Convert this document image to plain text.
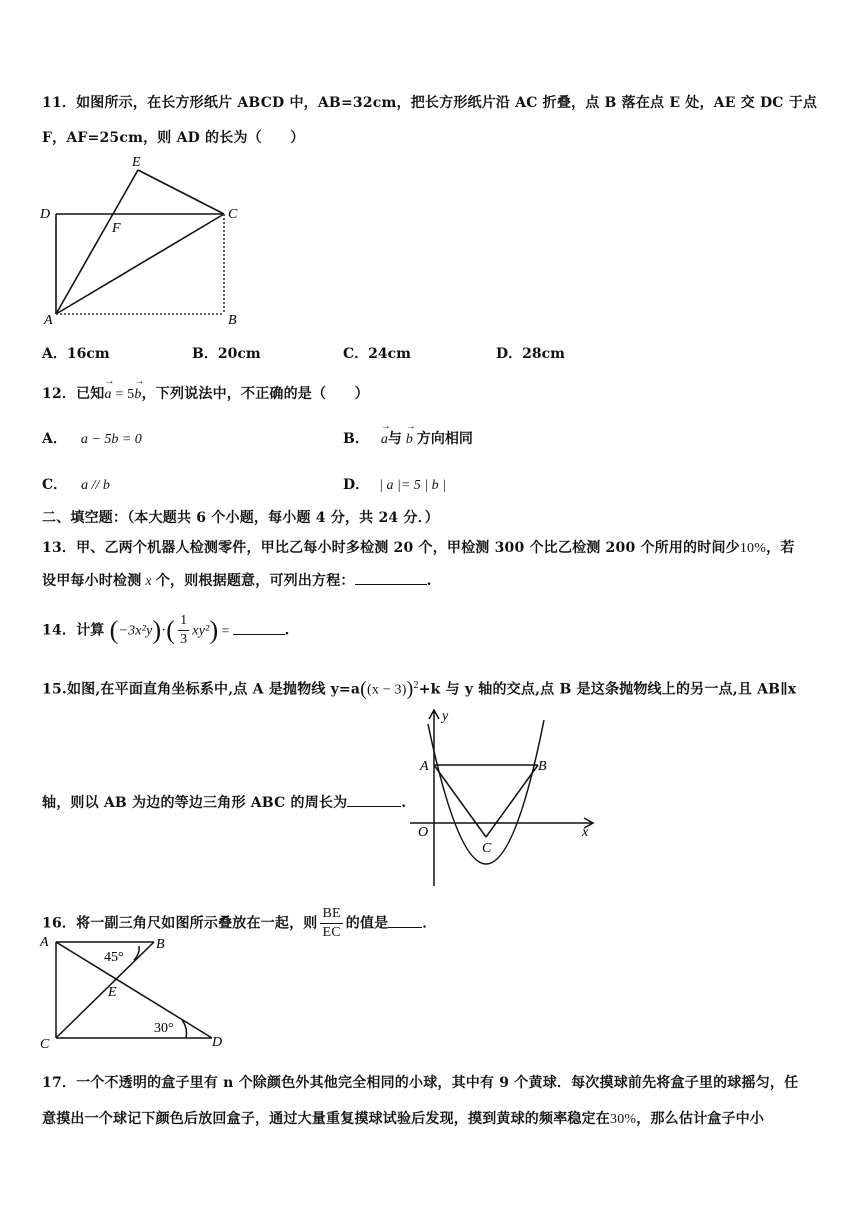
11．如图所示，在长方形纸片 ABCD 中，AB=32cm，把长方形纸片沿 AC 折叠，点 B 落在点 E 处，AE 交 DC 于点
F，AF=25cm，则 AD 的长为（　　）
E
D	C
F
A	B
A．16cm	B．20cm	C．24cm	D．28cm
12．已知→ a = 5→ b，下列说法中，不正确的是（　　）
A． a − 5b = 0	B． → a与 → b 方向相同
C． a // b	D． | a |= 5 | b |
二、填空题：（本大题共 6 个小题，每小题 4 分，共 24 分．）
13．甲、乙两个机器人检测零件，甲比乙每小时多检测 20 个，甲检测 300 个比乙检测 200 个所用的时间少10%，若
设甲每小时检测 x 个，则根据题意，可列出方程：	.
14．计算 $(-3x^2y)\cdot( \frac{1}{3} xy^2)$ =	.
15.如图,在平面直角坐标系中,点 A 是抛物线 $y=a((x - 3))^2+k$ 与 y 轴的交点,点 B 是这条抛物线上的另一点,且 AB∥x
轴，则以 AB 为边的等边三角形 ABC 的周长为	.
y
x
O
A	B
C
16．将一副三角尺如图所示叠放在一起，则 $\frac{BE}{EC}$ 的值是 ．
A	B
C	D
E
45°
30°
17．一个不透明的盒子里有 n 个除颜色外其他完全相同的小球，其中有 9 个黄球．每次摸球前先将盒子里的球摇匀，任
意摸出一个球记下颜色后放回盒子，通过大量重复摸球试验后发现，摸到黄球的频率稳定在30%，那么估计盒子中小
